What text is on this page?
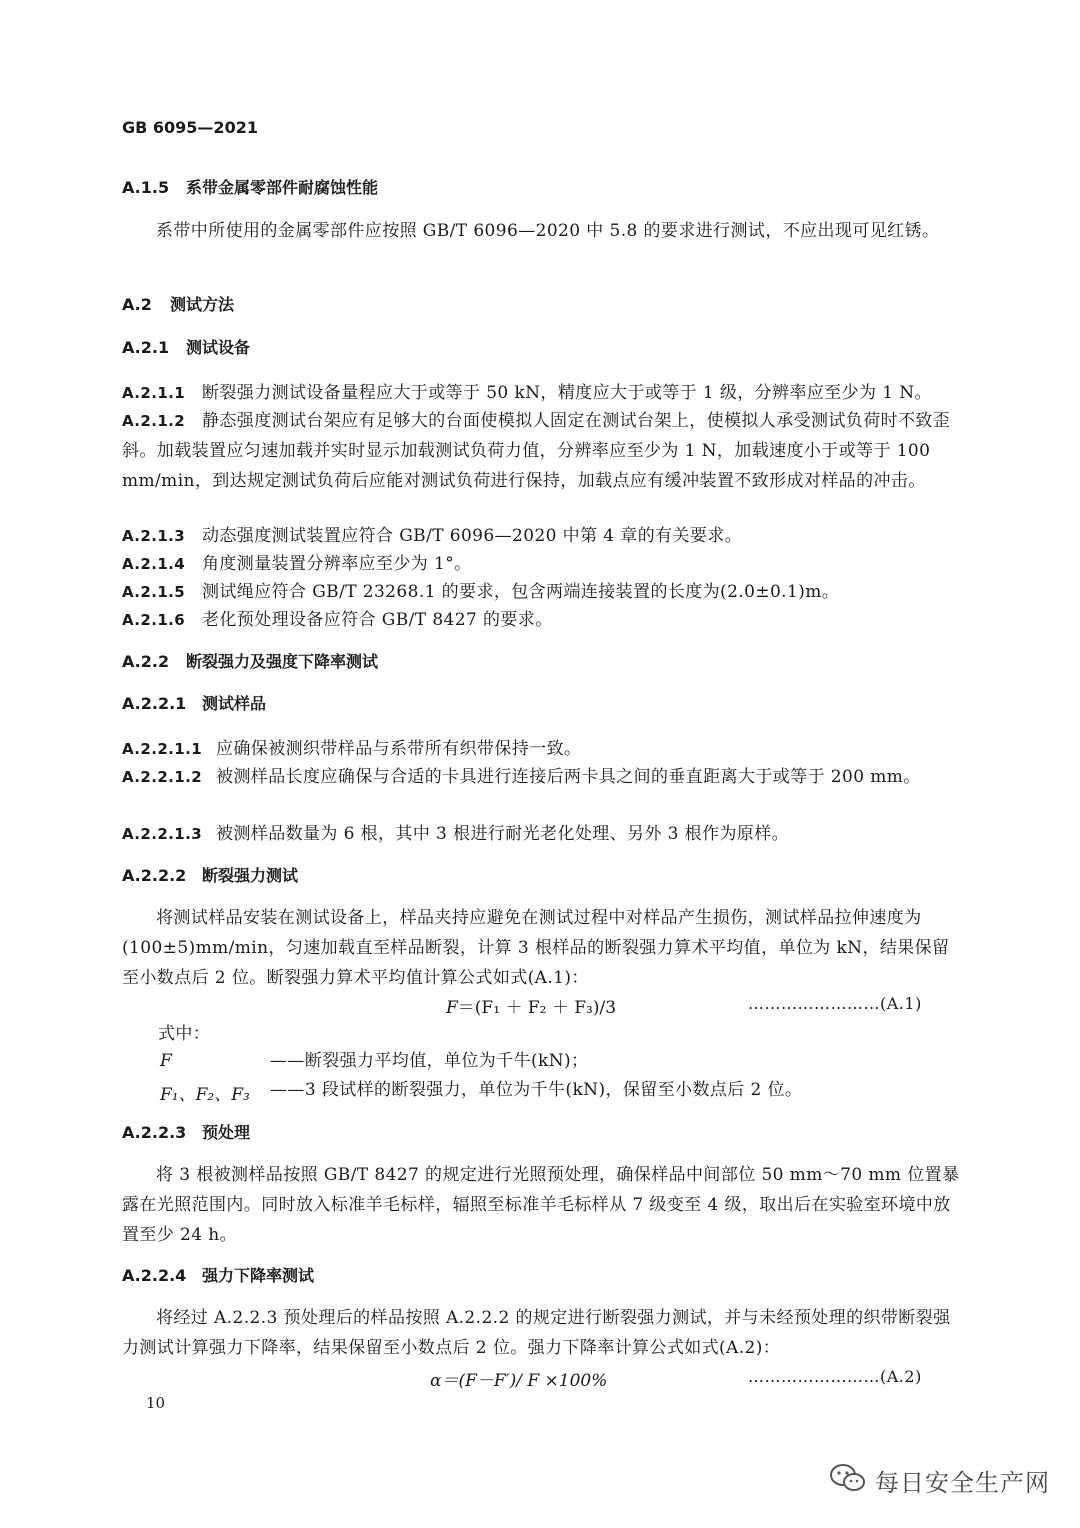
GB 6095—2021
A.1.5 系带金属零部件耐腐蚀性能
系带中所使用的金属零部件应按照 GB/T 6096—2020 中 5.8 的要求进行测试，不应出现可见红锈。
A.2 测试方法
A.2.1 测试设备
A.2.1.1 断裂强力测试设备量程应大于或等于 50 kN，精度应大于或等于 1 级，分辨率应至少为 1 N。
A.2.1.2 静态强度测试台架应有足够大的台面使模拟人固定在测试台架上，使模拟人承受测试负荷时不致歪斜。加载装置应匀速加载并实时显示加载测试负荷力值，分辨率应至少为 1 N，加载速度小于或等于 100 mm/min，到达规定测试负荷后应能对测试负荷进行保持，加载点应有缓冲装置不致形成对样品的冲击。
A.2.1.3 动态强度测试装置应符合 GB/T 6096—2020 中第 4 章的有关要求。
A.2.1.4 角度测量装置分辨率应至少为 1°。
A.2.1.5 测试绳应符合 GB/T 23268.1 的要求，包含两端连接装置的长度为(2.0±0.1)m。
A.2.1.6 老化预处理设备应符合 GB/T 8427 的要求。
A.2.2 断裂强力及强度下降率测试
A.2.2.1 测试样品
A.2.2.1.1 应确保被测织带样品与系带所有织带保持一致。
A.2.2.1.2 被测样品长度应确保与合适的卡具进行连接后两卡具之间的垂直距离大于或等于 200 mm。
A.2.2.1.3 被测样品数量为 6 根，其中 3 根进行耐光老化处理、另外 3 根作为原样。
A.2.2.2 断裂强力测试
将测试样品安装在测试设备上，样品夹持应避免在测试过程中对样品产生损伤，测试样品拉伸速度为(100±5)mm/min，匀速加载直至样品断裂，计算 3 根样品的断裂强力算术平均值，单位为 kN，结果保留至小数点后 2 位。断裂强力算术平均值计算公式如式(A.1)：
F＝(F₁ ＋ F₂ ＋ F₃)/3	……………………(A.1)
式中：
F	——断裂强力平均值，单位为千牛(kN)；
F₁、F₂、F₃ ——3 段试样的断裂强力，单位为千牛(kN)，保留至小数点后 2 位。
A.2.2.3 预处理
将 3 根被测样品按照 GB/T 8427 的规定进行光照预处理，确保样品中间部位 50 mm～70 mm 位置暴露在光照范围内。同时放入标准羊毛标样，辐照至标准羊毛标样从 7 级变至 4 级，取出后在实验室环境中放置至少 24 h。
A.2.2.4 强力下降率测试
将经过 A.2.2.3 预处理后的样品按照 A.2.2.2 的规定进行断裂强力测试，并与未经预处理的织带断裂强力测试计算强力下降率，结果保留至小数点后 2 位。强力下降率计算公式如式(A.2)：
α＝(F－F′)/ F ×100%	……………………(A.2)
10
每日安全生产网
